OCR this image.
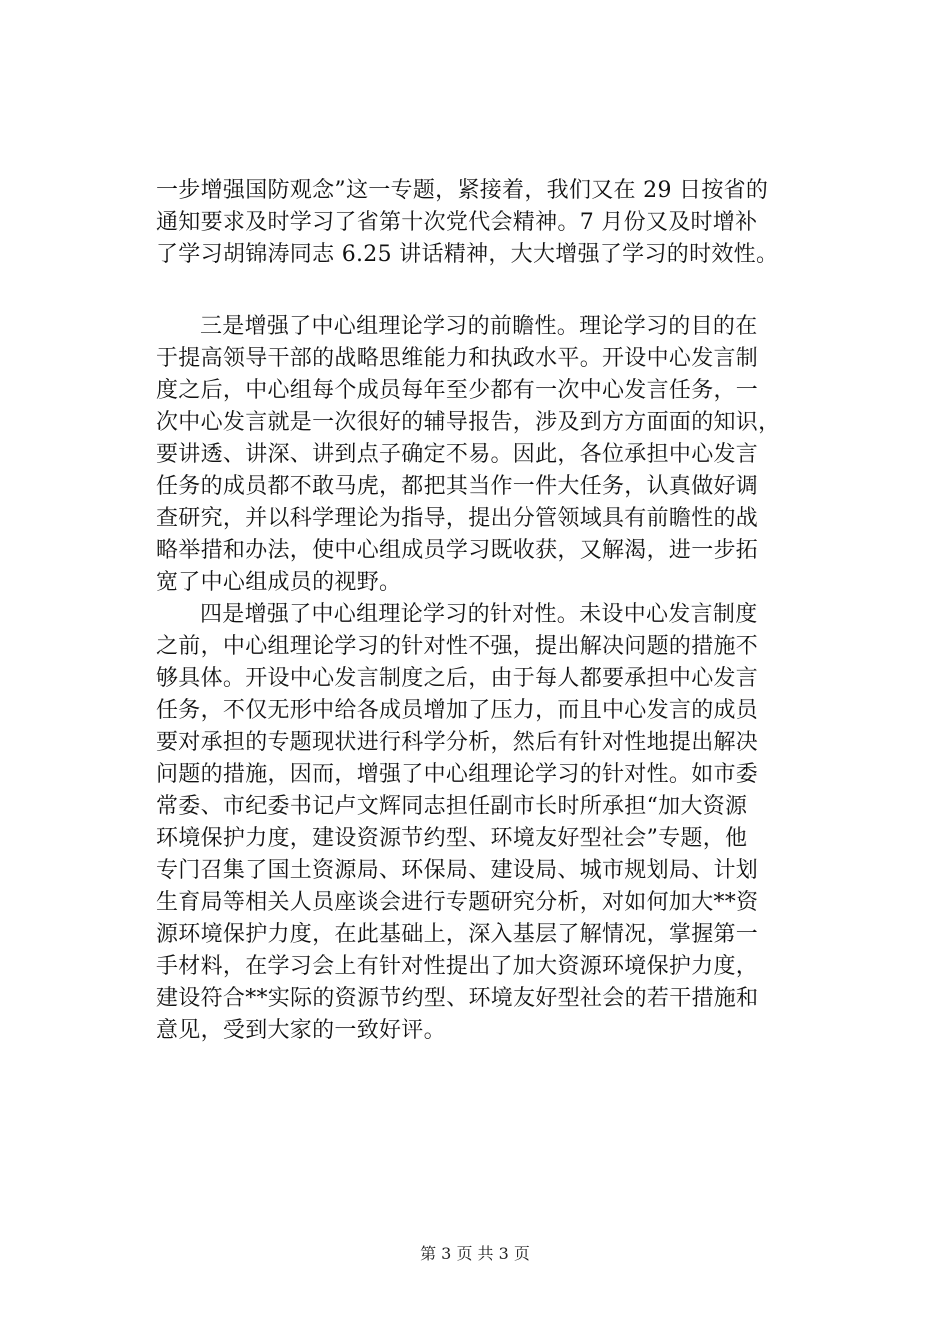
一步增强国防观念”这一专题，紧接着，我们又在 29 日按省的
通知要求及时学习了省第十次党代会精神。7 月份又及时增补
了学习胡锦涛同志 6.25 讲话精神，大大增强了学习的时效性。
三是增强了中心组理论学习的前瞻性。理论学习的目的在
于提高领导干部的战略思维能力和执政水平。开设中心发言制
度之后，中心组每个成员每年至少都有一次中心发言任务，一
次中心发言就是一次很好的辅导报告，涉及到方方面面的知识，
要讲透、讲深、讲到点子确定不易。因此，各位承担中心发言
任务的成员都不敢马虎，都把其当作一件大任务，认真做好调
查研究，并以科学理论为指导，提出分管领域具有前瞻性的战
略举措和办法，使中心组成员学习既收获，又解渴，进一步拓
宽了中心组成员的视野。
四是增强了中心组理论学习的针对性。未设中心发言制度
之前，中心组理论学习的针对性不强，提出解决问题的措施不
够具体。开设中心发言制度之后，由于每人都要承担中心发言
任务，不仅无形中给各成员增加了压力，而且中心发言的成员
要对承担的专题现状进行科学分析，然后有针对性地提出解决
问题的措施，因而，增强了中心组理论学习的针对性。如市委
常委、市纪委书记卢文辉同志担任副市长时所承担“加大资源
环境保护力度，建设资源节约型、环境友好型社会”专题，他
专门召集了国土资源局、环保局、建设局、城市规划局、计划
生育局等相关人员座谈会进行专题研究分析，对如何加大**资
源环境保护力度，在此基础上，深入基层了解情况，掌握第一
手材料，在学习会上有针对性提出了加大资源环境保护力度，
建设符合**实际的资源节约型、环境友好型社会的若干措施和
意见，受到大家的一致好评。
第 3 页 共 3 页
